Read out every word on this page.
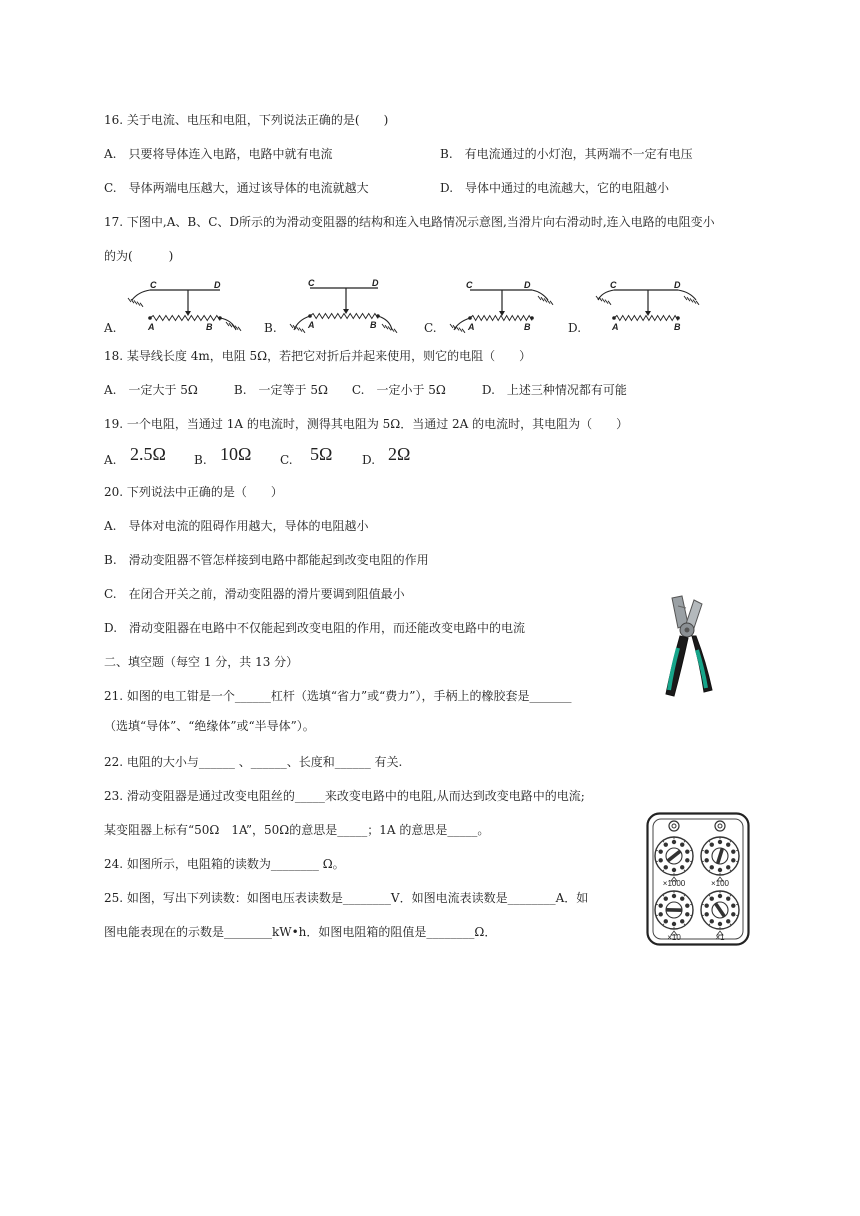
16. 关于电流、电压和电阻，下列说法正确的是(　　)
A.　只要将导体连入电路，电路中就有电流	B.　有电流通过的小灯泡，其两端不一定有电压
C.　导体两端电压越大，通过该导体的电流就越大	D.　导体中通过的电流越大，它的电阻越小
17. 下图中,A、B、C、D所示的为滑动变阻器的结构和连入电路情况示意图,当滑片向右滑动时,连入电路的电阻变小
的为(　　　)
A.	B.	C.	D.
C	D
A	B
C	D
A	B
C	D
A	B
C	D
A	B
18. 某导线长度 4m，电阻 5Ω，若把它对折后并起来使用，则它的电阻（　　）
A.　一定大于 5Ω　　　B.　一定等于 5Ω　　C.　一定小于 5Ω　　　D.　上述三种情况都有可能
19. 一个电阻，当通过 1A 的电流时，测得其电阻为 5Ω．当通过 2A 的电流时，其电阻为（　　）
A. 2.5Ω B. 10Ω C. 5Ω D. 2Ω
20. 下列说法中正确的是（　　）
A.　导体对电流的阻碍作用越大，导体的电阻越小
B.　滑动变阻器不管怎样接到电路中都能起到改变电阻的作用
C.　在闭合开关之前，滑动变阻器的滑片要调到阻值最小
D.　滑动变阻器在电路中不仅能起到改变电阻的作用，而还能改变电路中的电流
二、填空题（每空 1 分，共 13 分）
21. 如图的电工钳是一个______杠杆（选填“省力”或“费力”），手柄上的橡胶套是_______
（选填“导体”、“绝缘体”或“半导体”）。
22. 电阻的大小与______ 、______、长度和______ 有关.
23. 滑动变阻器是通过改变电阻丝的_____来改变电路中的电阻,从而达到改变电路中的电流;
某变阻器上标有“50Ω　1A”，50Ω的意思是_____；1A 的意思是_____。
24. 如图所示，电阻箱的读数为________ Ω。
25. 如图，写出下列读数：如图电压表读数是________V．如图电流表读数是________A．如
图电能表现在的示数是________kW•h．如图电阻箱的阻值是________Ω．
×1000	×100
×10	×1
